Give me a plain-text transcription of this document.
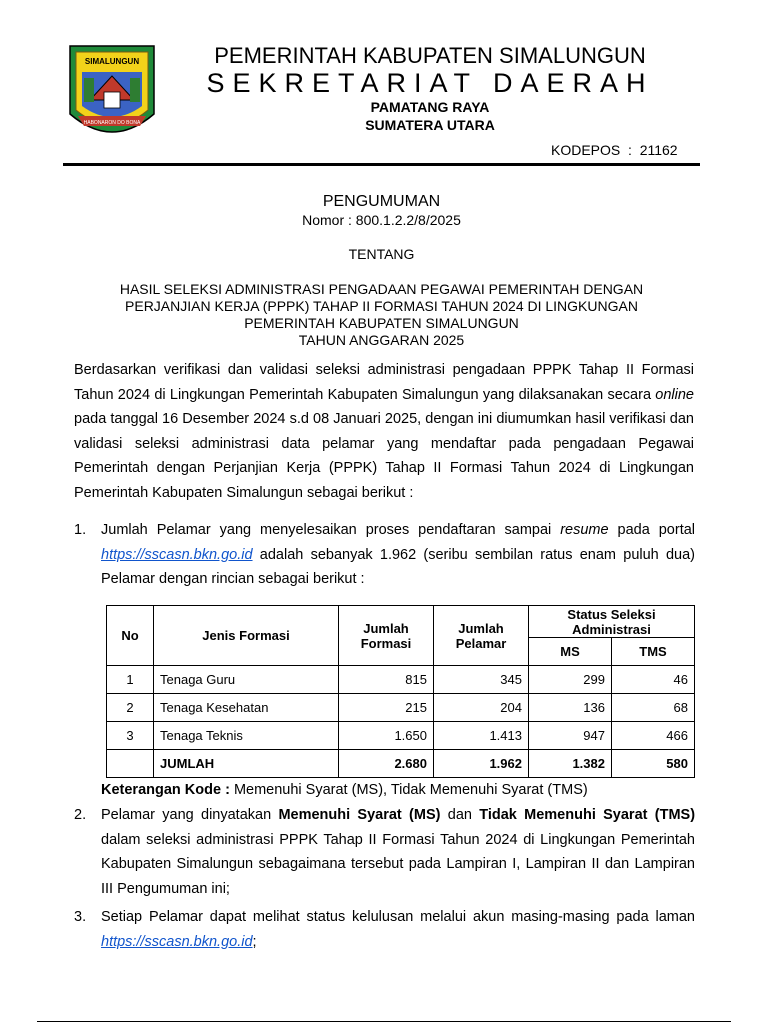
SIMALUNGUN
HABONARON DO BONA
PEMERINTAH KABUPATEN SIMALUNGUN
SEKRETARIAT DAERAH
PAMATANG RAYA
SUMATERA UTARA
KODEPOS  :  21162
PENGUMUMAN
Nomor : 800.1.2.2/8/2025
TENTANG
HASIL SELEKSI ADMINISTRASI PENGADAAN PEGAWAI PEMERINTAH DENGAN
PERJANJIAN KERJA (PPPK) TAHAP II FORMASI TAHUN 2024 DI LINGKUNGAN
PEMERINTAH KABUPATEN SIMALUNGUN
TAHUN ANGGARAN 2025
Berdasarkan verifikasi dan validasi seleksi administrasi pengadaan PPPK Tahap II Formasi Tahun 2024 di Lingkungan Pemerintah Kabupaten Simalungun yang dilaksanakan secara online pada tanggal 16 Desember 2024 s.d 08 Januari 2025, dengan ini diumumkan hasil verifikasi dan validasi seleksi administrasi data pelamar yang mendaftar pada pengadaan Pegawai Pemerintah dengan Perjanjian Kerja (PPPK) Tahap II Formasi Tahun 2024 di Lingkungan Pemerintah Kabupaten Simalungun sebagai berikut :
1. Jumlah Pelamar yang menyelesaikan proses pendaftaran sampai resume pada portal https://sscasn.bkn.go.id adalah sebanyak 1.962 (seribu sembilan ratus enam puluh dua) Pelamar dengan rincian sebagai berikut :
No	Jenis Formasi	Jumlah Formasi	Jumlah Pelamar	Status Seleksi Administrasi	
				MS	TMS
1	Tenaga Guru	815	345	299	46
2	Tenaga Kesehatan	215	204	136	68
3	Tenaga Teknis	1.650	1.413	947	466
	JUMLAH	2.680	1.962	1.382	580
Keterangan Kode : Memenuhi Syarat (MS), Tidak Memenuhi Syarat (TMS)
2. Pelamar yang dinyatakan Memenuhi Syarat (MS) dan Tidak Memenuhi Syarat (TMS) dalam seleksi administrasi PPPK Tahap II Formasi Tahun 2024 di Lingkungan Pemerintah Kabupaten Simalungun sebagaimana tersebut pada Lampiran I, Lampiran II dan Lampiran III Pengumuman ini;
3. Setiap Pelamar dapat melihat status kelulusan melalui akun masing-masing pada laman https://sscasn.bkn.go.id;
